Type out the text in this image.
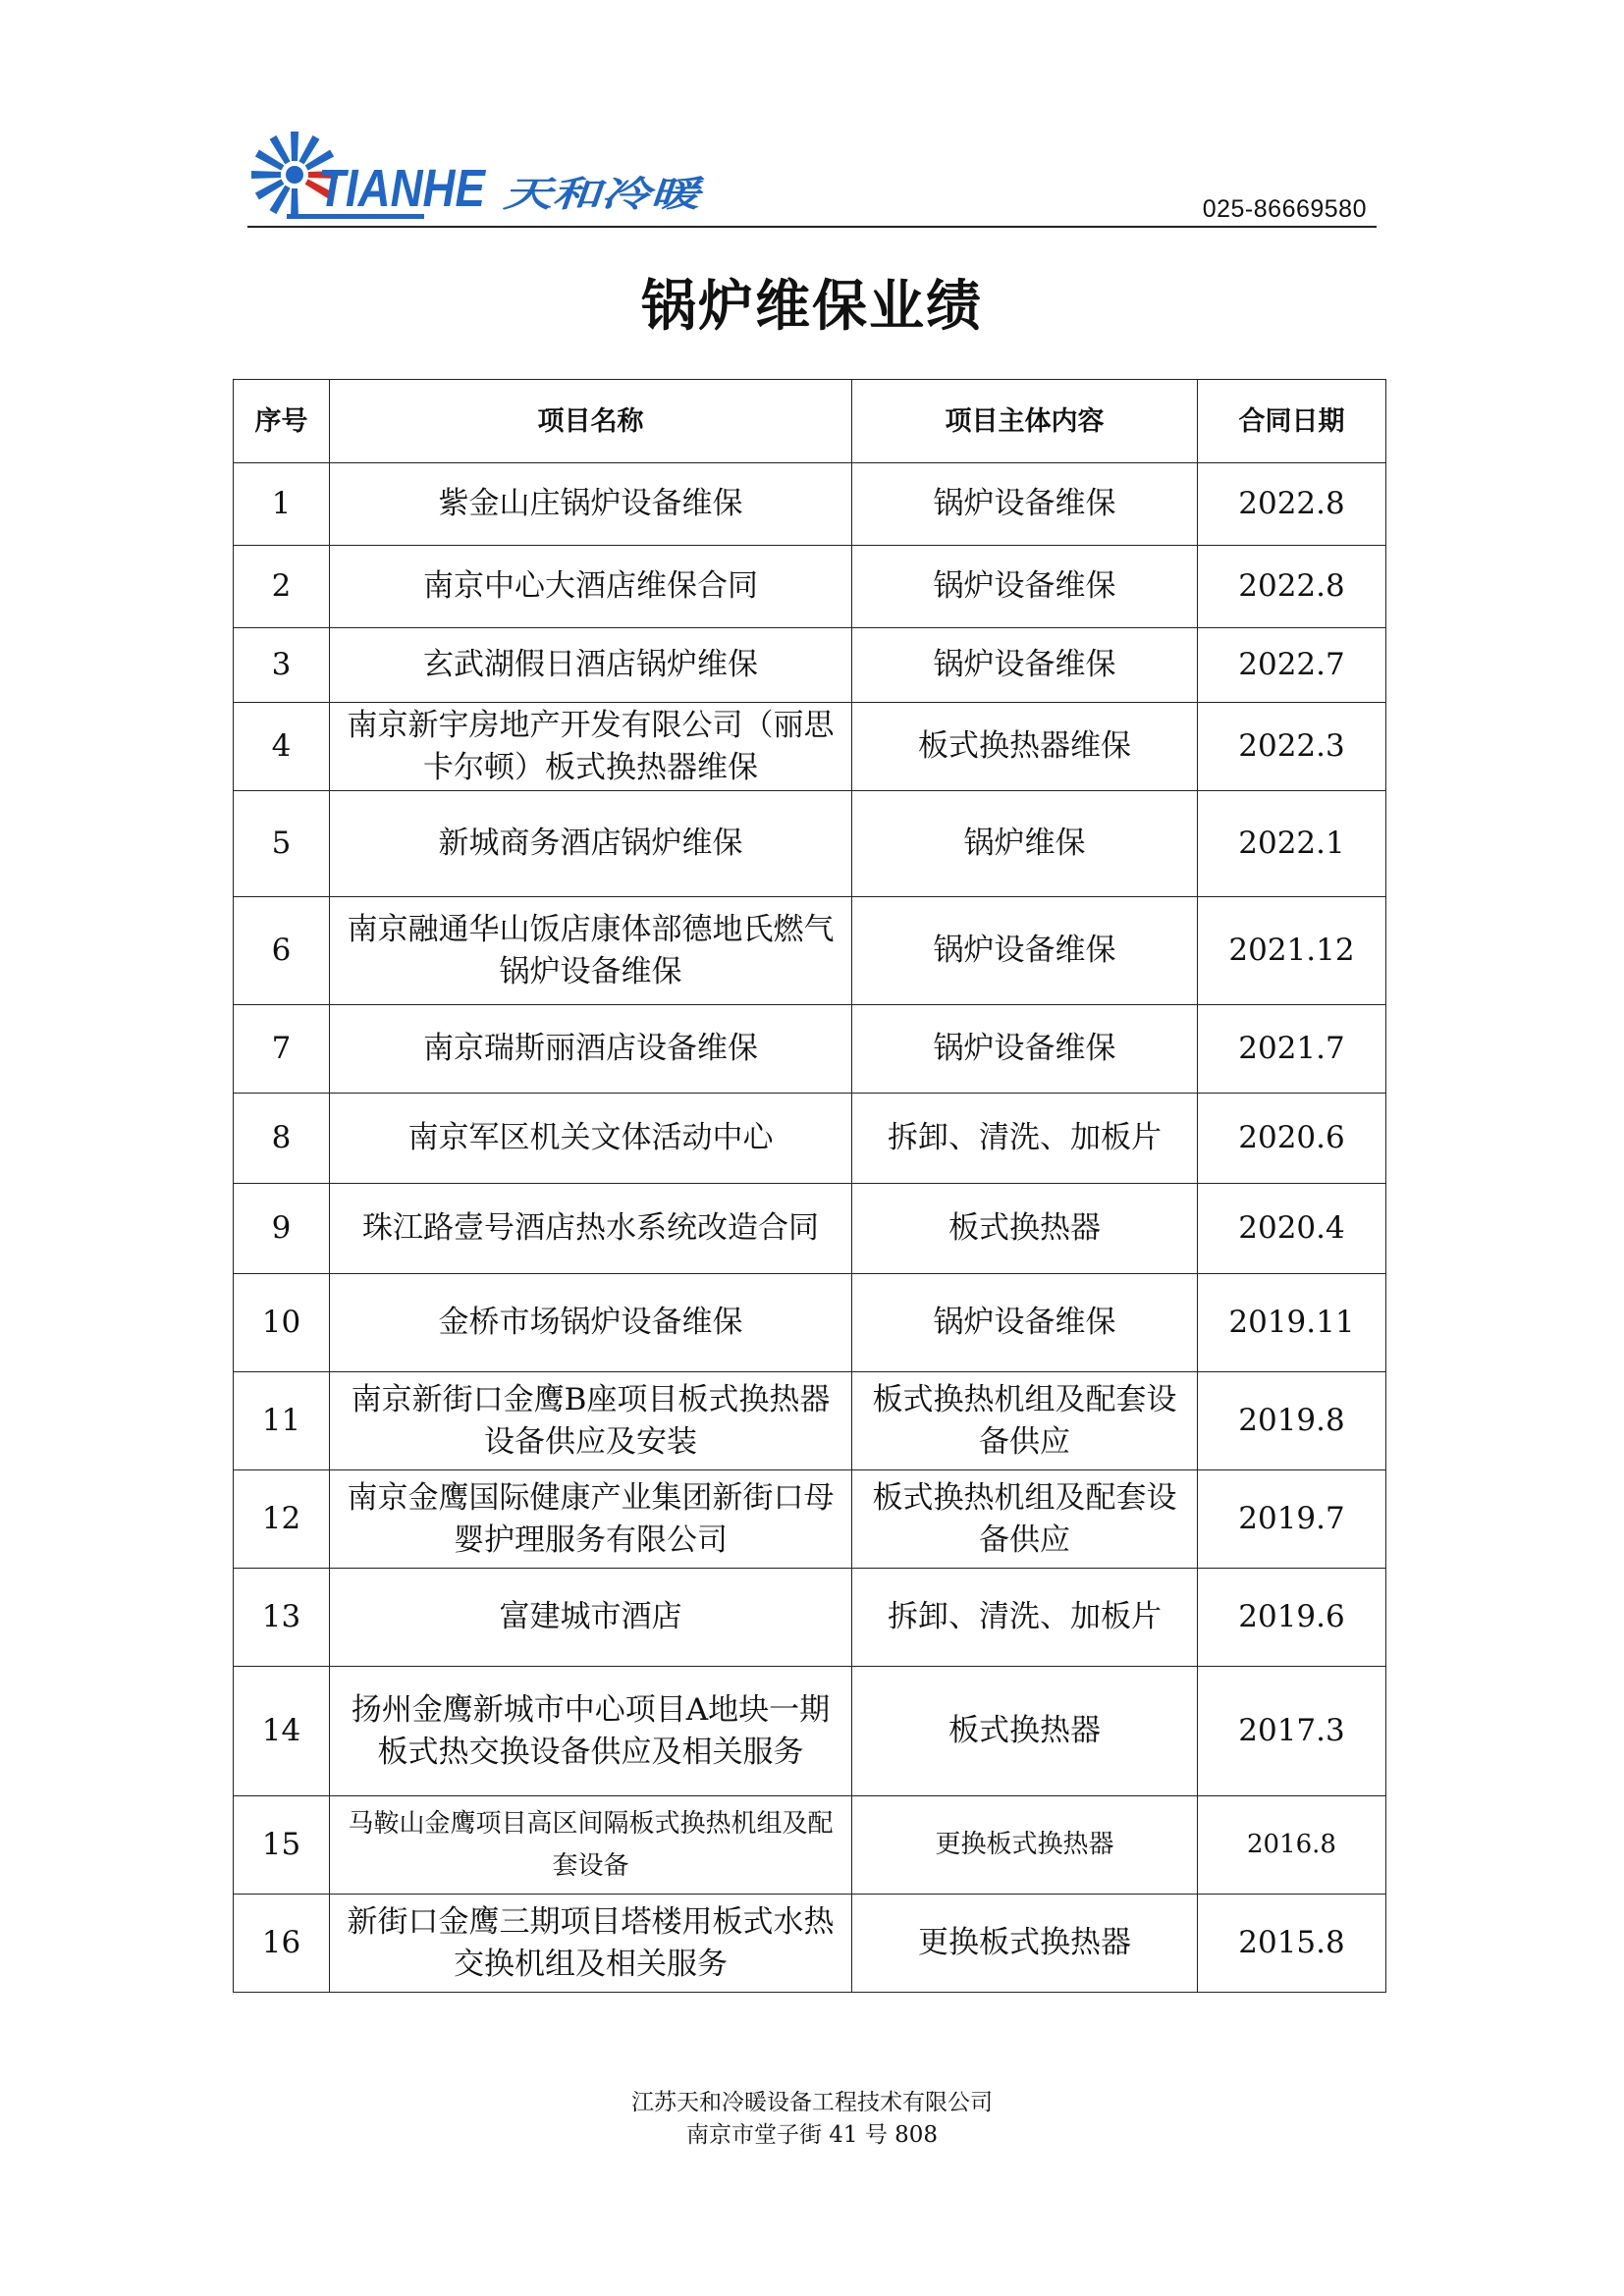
TIANHE 天和冷暖	025-86669580
锅炉维保业绩
序号	项目名称	项目主体内容	合同日期
1	紫金山庄锅炉设备维保	锅炉设备维保	2022.8
2	南京中心大酒店维保合同	锅炉设备维保	2022.8
3	玄武湖假日酒店锅炉维保	锅炉设备维保	2022.7
4	南京新宇房地产开发有限公司（丽思卡尔顿）板式换热器维保	板式换热器维保	2022.3
5	新城商务酒店锅炉维保	锅炉维保	2022.1
6	南京融通华山饭店康体部德地氏燃气锅炉设备维保	锅炉设备维保	2021.12
7	南京瑞斯丽酒店设备维保	锅炉设备维保	2021.7
8	南京军区机关文体活动中心	拆卸、清洗、加板片	2020.6
9	珠江路壹号酒店热水系统改造合同	板式换热器	2020.4
10	金桥市场锅炉设备维保	锅炉设备维保	2019.11
11	南京新街口金鹰B座项目板式换热器设备供应及安装	板式换热机组及配套设备供应	2019.8
12	南京金鹰国际健康产业集团新街口母婴护理服务有限公司	板式换热机组及配套设备供应	2019.7
13	富建城市酒店	拆卸、清洗、加板片	2019.6
14	扬州金鹰新城市中心项目A地块一期板式热交换设备供应及相关服务	板式换热器	2017.3
15	马鞍山金鹰项目高区间隔板式换热机组及配套设备	更换板式换热器	2016.8
16	新街口金鹰三期项目塔楼用板式水热交换机组及相关服务	更换板式换热器	2015.8
江苏天和冷暖设备工程技术有限公司
南京市堂子街 41 号 808
